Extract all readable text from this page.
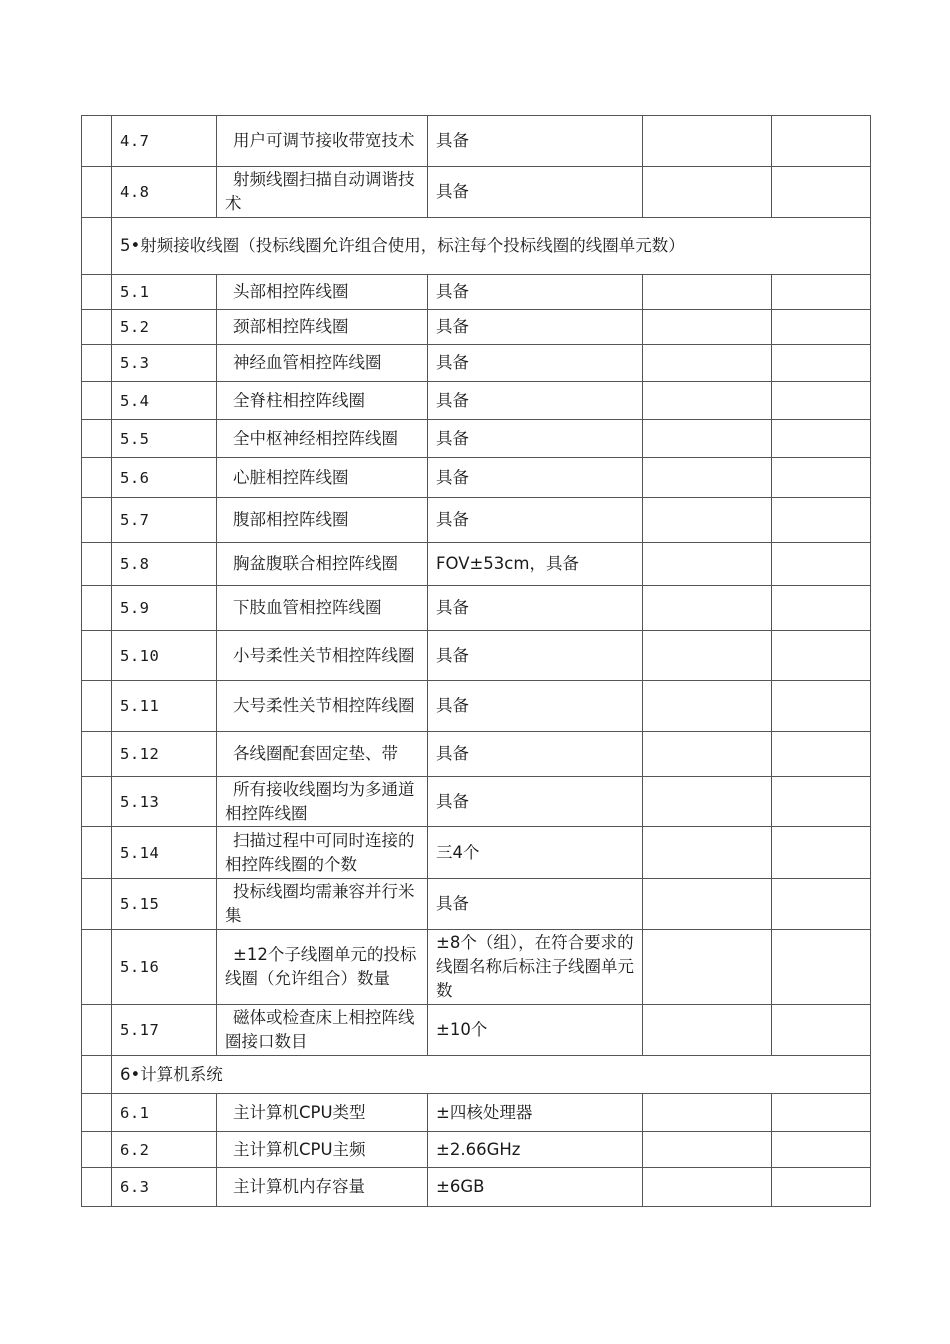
	4.7	用户可调节接收带宽技术	具备		
	4.8	射频线圈扫描自动调谐技术	具备		
	5•射频接收线圈（投标线圈允许组合使用，标注每个投标线圈的线圈单元数）				
	5.1	头部相控阵线圈	具备		
	5.2	颈部相控阵线圈	具备		
	5.3	神经血管相控阵线圈	具备		
	5.4	全脊柱相控阵线圈	具备		
	5.5	全中枢神经相控阵线圈	具备		
	5.6	心脏相控阵线圈	具备		
	5.7	腹部相控阵线圈	具备		
	5.8	胸盆腹联合相控阵线圈	FOV±53cm，具备		
	5.9	下肢血管相控阵线圈	具备		
	5.10	小号柔性关节相控阵线圈	具备		
	5.11	大号柔性关节相控阵线圈	具备		
	5.12	各线圈配套固定垫、带	具备		
	5.13	所有接收线圈均为多通道相控阵线圈	具备		
	5.14	扫描过程中可同时连接的相控阵线圈的个数	三4个		
	5.15	投标线圈均需兼容并行米集	具备		
	5.16	±12个子线圈单元的投标线圈（允许组合）数量	±8个（组），在符合要求的线圈名称后标注子线圈单元数		
	5.17	磁体或检查床上相控阵线圈接口数目	±10个		
	6•计算机系统				
	6.1	主计算机CPU类型	±四核处理器		
	6.2	主计算机CPU主频	±2.66GHz		
	6.3	主计算机内存容量	±6GB		
